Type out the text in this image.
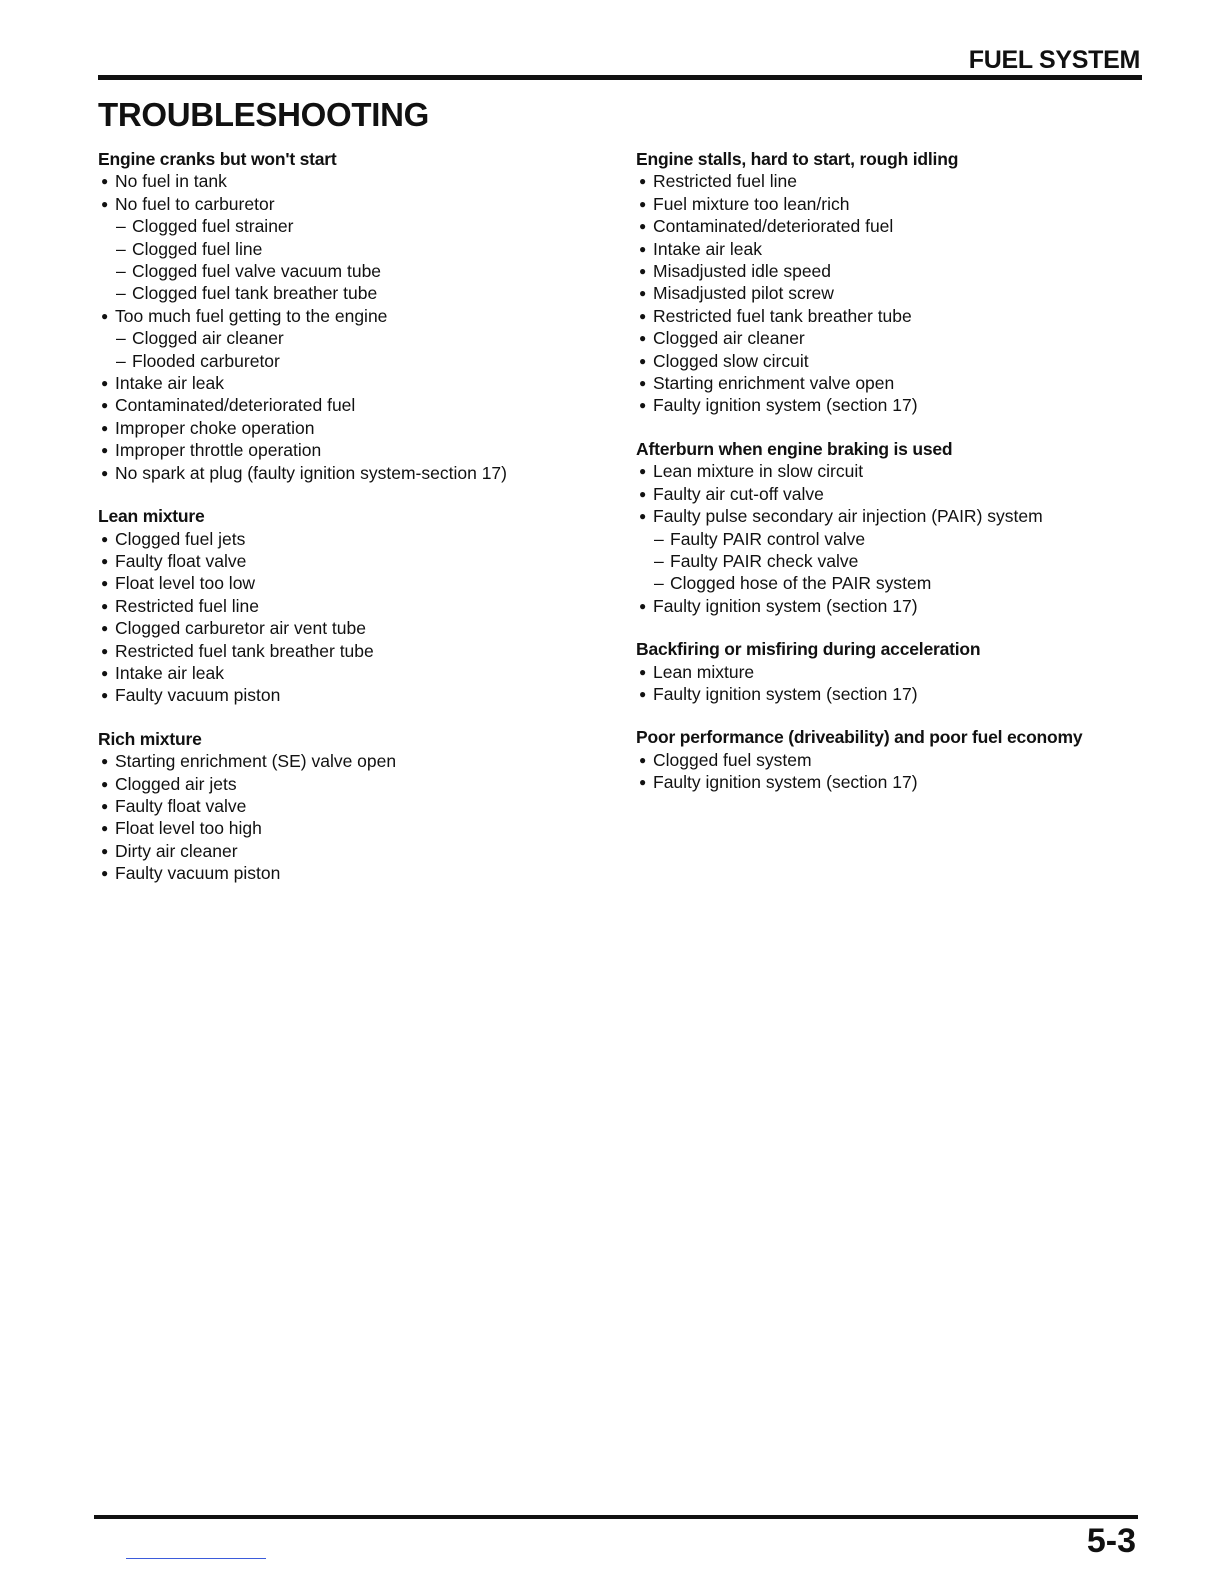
FUEL SYSTEM
TROUBLESHOOTING

Engine cranks but won't start

● No fuel in tank
● No fuel to carburetor
– Clogged fuel strainer
– Clogged fuel line
– Clogged fuel valve vacuum tube
– Clogged fuel tank breather tube
● Too much fuel getting to the engine
– Clogged air cleaner
– Flooded carburetor
● Intake air leak
● Contaminated/deteriorated fuel
● Improper choke operation
● Improper throttle operation
● No spark at plug (faulty ignition system-section 17)

Lean mixture

● Clogged fuel jets
● Faulty float valve
● Float level too low
● Restricted fuel line
● Clogged carburetor air vent tube
● Restricted fuel tank breather tube
● Intake air leak
● Faulty vacuum piston

Rich mixture

● Starting enrichment (SE) valve open
● Clogged air jets
● Faulty float valve
● Float level too high
● Dirty air cleaner
● Faulty vacuum piston

Engine stalls, hard to start, rough idling

● Restricted fuel line
● Fuel mixture too lean/rich
● Contaminated/deteriorated fuel
● Intake air leak
● Misadjusted idle speed
● Misadjusted pilot screw
● Restricted fuel tank breather tube
● Clogged air cleaner
● Clogged slow circuit
● Starting enrichment valve open
● Faulty ignition system (section 17)

Afterburn when engine braking is used

● Lean mixture in slow circuit
● Faulty air cut-off valve
● Faulty pulse secondary air injection (PAIR) system
– Faulty PAIR control valve
– Faulty PAIR check valve
– Clogged hose of the PAIR system
● Faulty ignition system (section 17)

Backfiring or misfiring during acceleration

● Lean mixture
● Faulty ignition system (section 17)

Poor performance (driveability) and poor fuel economy

● Clogged fuel system
● Faulty ignition system (section 17)

5-3
